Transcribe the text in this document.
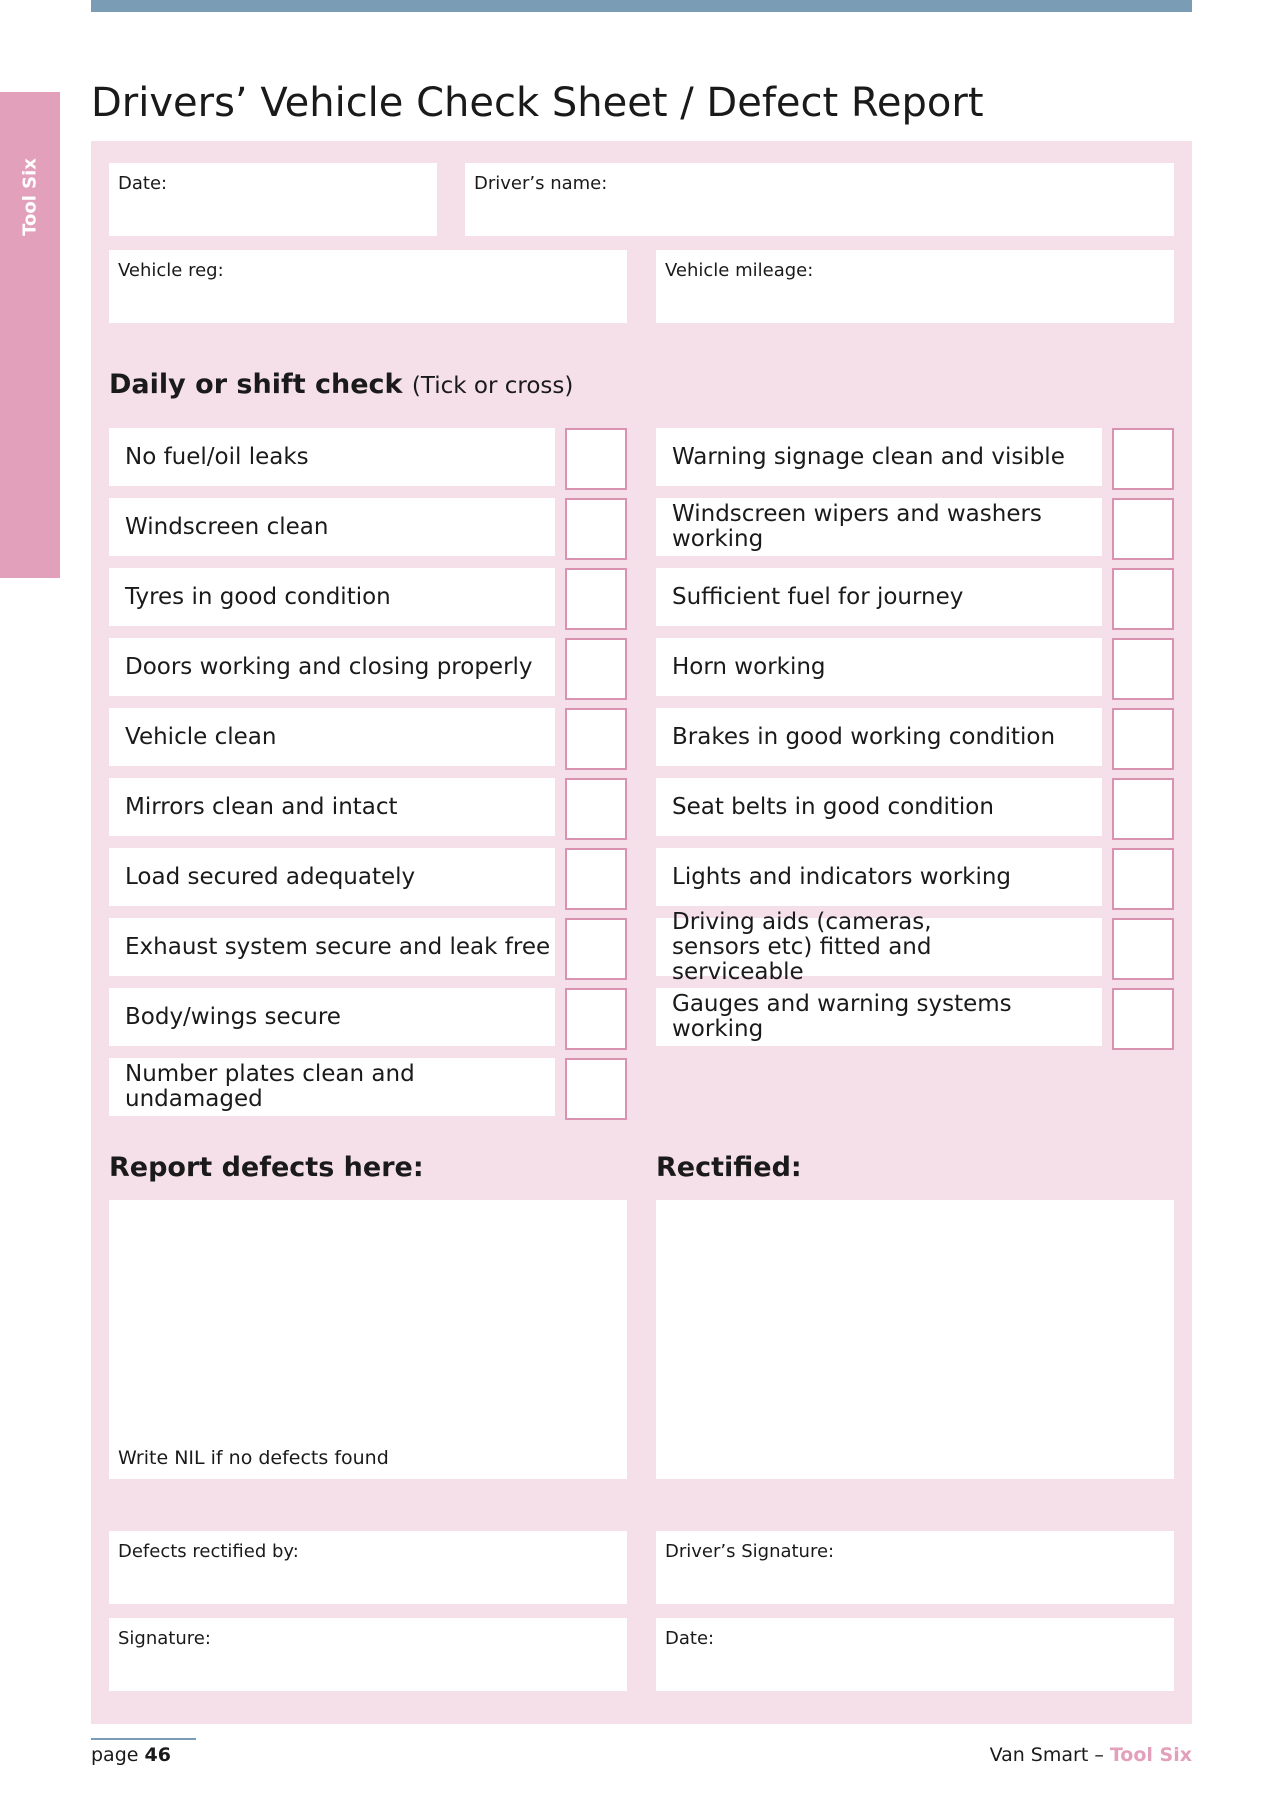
Tool Six
Drivers’ Vehicle Check Sheet / Defect Report
Date:	Driver’s name:
Vehicle reg:	Vehicle mileage:
Daily or shift check (Tick or cross)
No fuel/oil leaks
Windscreen clean
Tyres in good condition
Doors working and closing properly
Vehicle clean
Mirrors clean and intact
Load secured adequately
Exhaust system secure and leak free
Body/wings secure
Number plates clean and undamaged
Warning signage clean and visible
Windscreen wipers and washers working
Sufficient fuel for journey
Horn working
Brakes in good working condition
Seat belts in good condition
Lights and indicators working
Driving aids (cameras, sensors etc) fitted and serviceable
Gauges and warning systems working
Report defects here:	Rectified:
Write NIL if no defects found
Defects rectified by:	Driver’s Signature:
Signature:	Date:
page 46	Van Smart – Tool Six
